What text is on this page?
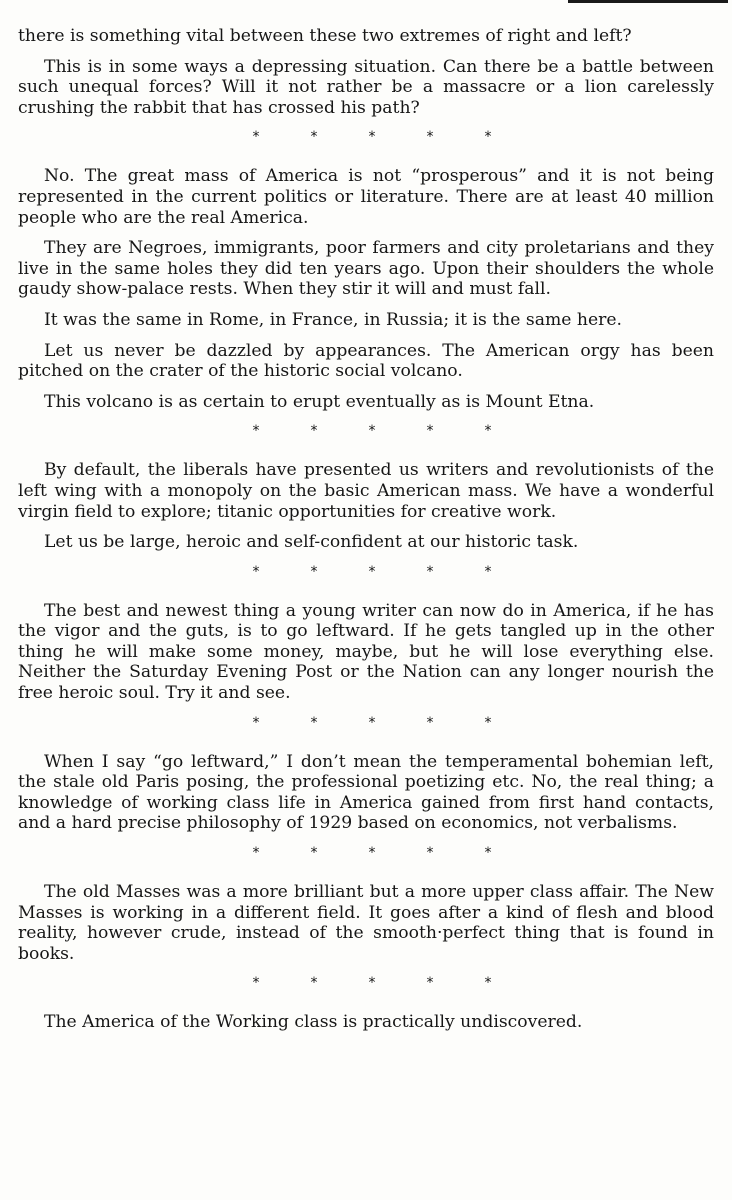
there is something vital between these two extremes of right and left?

This is in some ways a depressing situation. Can there be a battle between such unequal forces? Will it not rather be a massacre or a lion carelessly crushing the rabbit that has crossed his path?

*	*	*	*	*

No. The great mass of America is not “prosperous” and it is not being represented in the current politics or literature. There are at least 40 million people who are the real America.

They are Negroes, immigrants, poor farmers and city proletarians and they live in the same holes they did ten years ago. Upon their shoulders the whole gaudy show-palace rests. When they stir it will and must fall.

It was the same in Rome, in France, in Russia; it is the same here.

Let us never be dazzled by appearances. The American orgy has been pitched on the crater of the historic social volcano.

This volcano is as certain to erupt eventually as is Mount Etna.

*	*	*	*	*

By default, the liberals have presented us writers and revolutionists of the left wing with a monopoly on the basic American mass. We have a wonderful virgin field to explore; titanic opportunities for creative work.

Let us be large, heroic and self-confident at our historic task.

*	*	*	*	*

The best and newest thing a young writer can now do in America, if he has the vigor and the guts, is to go leftward. If he gets tangled up in the other thing he will make some money, maybe, but he will lose everything else. Neither the Saturday Evening Post or the Nation can any longer nourish the free heroic soul. Try it and see.

*	*	*	*	*

When I say “go leftward,” I don’t mean the temperamental bohemian left, the stale old Paris posing, the professional poetizing etc. No, the real thing; a knowledge of working class life in America gained from first hand contacts, and a hard precise philosophy of 1929 based on economics, not verbalisms.

*	*	*	*	*

The old Masses was a more brilliant but a more upper class affair. The New Masses is working in a different field. It goes after a kind of flesh and blood reality, however crude, instead of the smooth·perfect thing that is found in books.

*	*	*	*	*

The America of the Working class is practically undiscovered.
